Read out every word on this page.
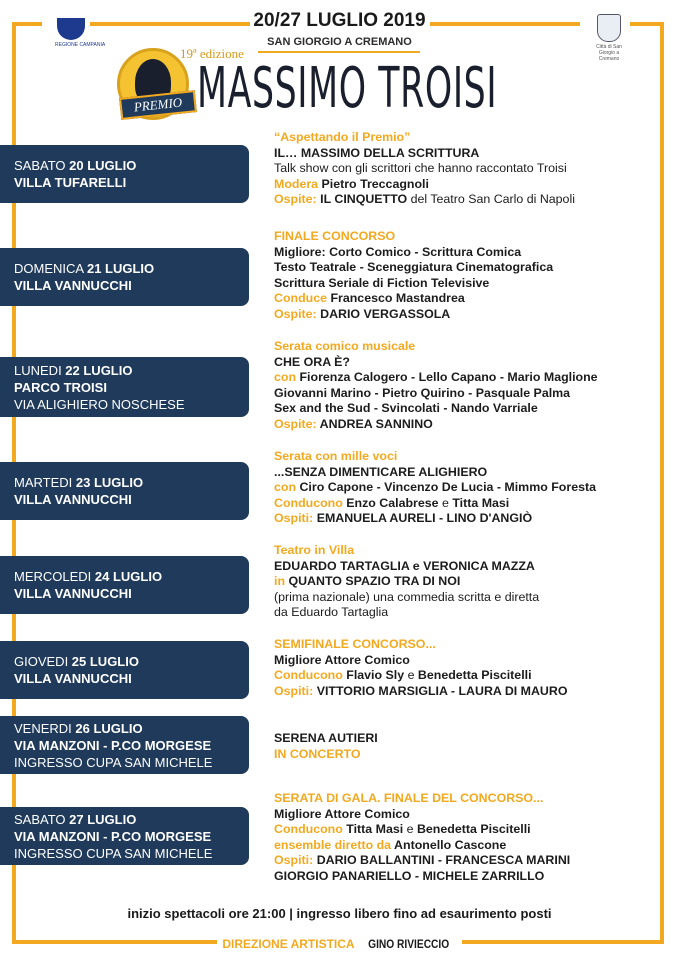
REGIONE CAMPANIA	Città di San Giorgio a Cremano
20/27 LUGLIO 2019
SAN GIORGIO A CREMANO
PREMIO
19ª edizione
MASSIMO TROISI
SABATO 20 LUGLIO
VILLA TUFARELLI
DOMENICA 21 LUGLIO
VILLA VANNUCCHI
LUNEDI 22 LUGLIO
PARCO TROISI
VIA ALIGHIERO NOSCHESE
MARTEDI 23 LUGLIO
VILLA VANNUCCHI
MERCOLEDI 24 LUGLIO
VILLA VANNUCCHI
GIOVEDI 25 LUGLIO
VILLA VANNUCCHI
VENERDI 26 LUGLIO
VIA MANZONI - P.CO MORGESE
INGRESSO CUPA SAN MICHELE
SABATO 27 LUGLIO
VIA MANZONI - P.CO MORGESE
INGRESSO CUPA SAN MICHELE
“Aspettando il Premio”
IL… MASSIMO DELLA SCRITTURA
Talk show con gli scrittori che hanno raccontato Troisi
Modera Pietro Treccagnoli
Ospite: IL CINQUETTO del Teatro San Carlo di Napoli
FINALE CONCORSO
Migliore: Corto Comico - Scrittura Comica
Testo Teatrale - Sceneggiatura Cinematografica
Scrittura Seriale di Fiction Televisive
Conduce Francesco Mastandrea
Ospite: DARIO VERGASSOLA
Serata comico musicale
CHE ORA È?
con Fiorenza Calogero - Lello Capano - Mario Maglione
Giovanni Marino - Pietro Quirino - Pasquale Palma
Sex and the Sud - Svincolati - Nando Varriale
Ospite: ANDREA SANNINO
Serata con mille voci
...SENZA DIMENTICARE ALIGHIERO
con Ciro Capone - Vincenzo De Lucia - Mimmo Foresta
Conducono Enzo Calabrese e Titta Masi
Ospiti: EMANUELA AURELI - LINO D'ANGIÒ
Teatro in Villa
EDUARDO TARTAGLIA e VERONICA MAZZA
in QUANTO SPAZIO TRA DI NOI
(prima nazionale) una commedia scritta e diretta
da Eduardo Tartaglia
SEMIFINALE CONCORSO...
Migliore Attore Comico
Conducono Flavio Sly e Benedetta Piscitelli
Ospiti: VITTORIO MARSIGLIA - LAURA DI MAURO
SERENA AUTIERI
IN CONCERTO
SERATA DI GALA. FINALE DEL CONCORSO...
Migliore Attore Comico
Conducono Titta Masi e Benedetta Piscitelli
ensemble diretto da Antonello Cascone
Ospiti: DARIO BALLANTINI - FRANCESCA MARINI
GIORGIO PANARIELLO - MICHELE ZARRILLO
inizio spettacoli ore 21:00 | ingresso libero fino ad esaurimento posti
DIREZIONE ARTISTICA GINO RIVIECCIO
